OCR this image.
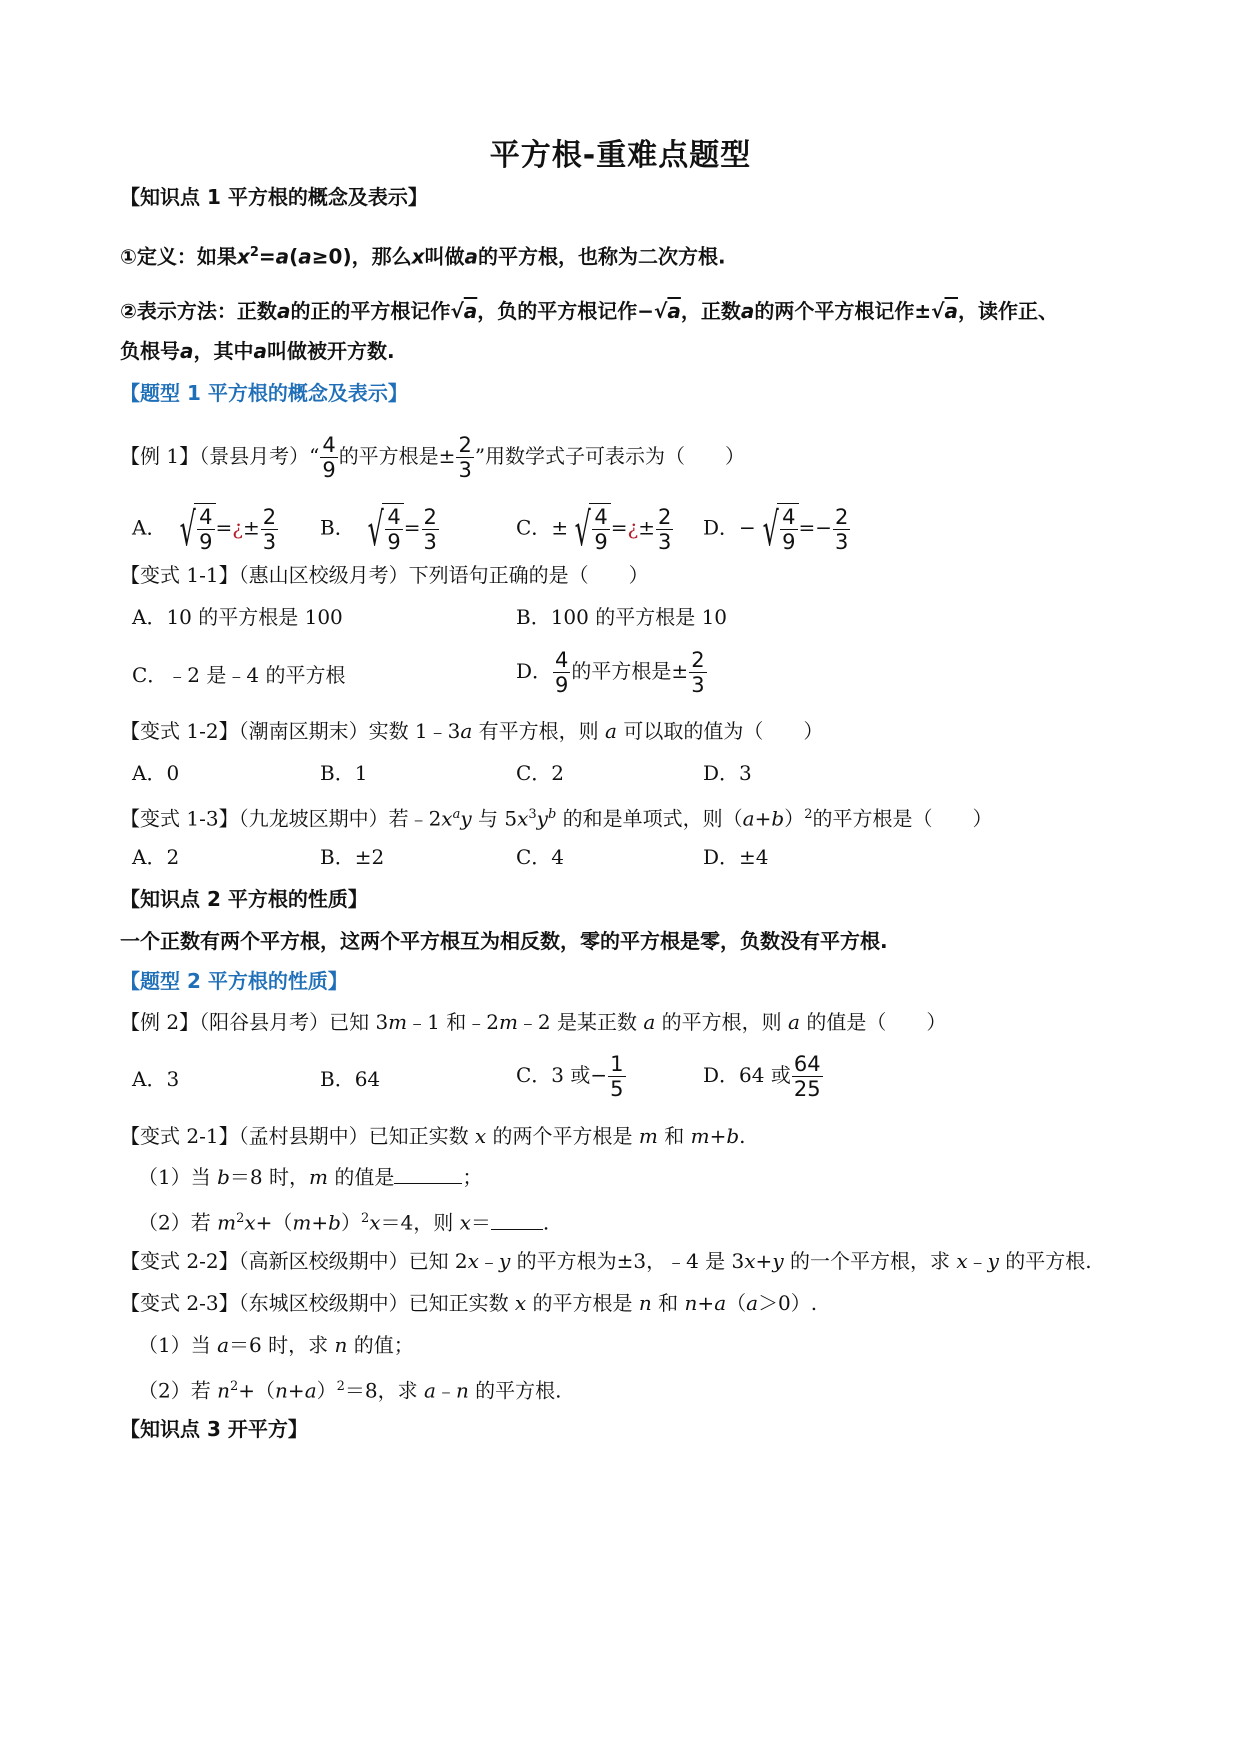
平方根-重难点题型
【知识点 1 平方根的概念及表示】
①定义：如果$x^2=a(a\ge 0)$，那么x叫做a的平方根，也称为二次方根.
②表示方法：正数a的正的平方根记作√a，负的平方根记作−√a，正数a的两个平方根记作±√a，读作正、
负根号a，其中a叫做被开方数.
【题型 1 平方根的概念及表示】
【例 1】（景县月考）“ $\frac{4}{9}$ 的平方根是± $\frac{2}{3}$ ”用数学式子可表示为（　　）
A． √ $\frac{4}{9}$ =¿± $\frac{2}{3}$ B． √ $\frac{4}{9} = \frac{2}{3}$	C．± √ $\frac{4}{9}$ =¿± $\frac{2}{3}$ D．− √ $\frac{4}{9} =- \frac{2}{3}$
【变式 1-1】（惠山区校级月考）下列语句正确的是（　　）
A．10 的平方根是 100	B．100 的平方根是 10
C．﹣2 是﹣4 的平方根	D． $\frac{4}{9}$ 的平方根是± $\frac{2}{3}$
【变式 1-2】（潮南区期末）实数 1﹣3a 有平方根，则 a 可以取的值为（　　）
A．0	B．1	C．2	D．3
【变式 1-3】（九龙坡区期中）若$﹣2x^ay$ 与 $5x^3y^b$ 的和是单项式，则$(a+b)^2$的平方根是（　　）
A．2	B．±2	C．4	D．±4
【知识点 2 平方根的性质】
一个正数有两个平方根，这两个平方根互为相反数，零的平方根是零，负数没有平方根.
【题型 2 平方根的性质】
【例 2】（阳谷县月考）已知 3m﹣1 和﹣2m﹣2 是某正数 a 的平方根，则 a 的值是（　　）
A．3	B．64	C．3 或− $\frac{1}{5}$	D．64 或 $\frac{64}{25}$
【变式 2-1】（孟村县期中）已知正实数 x 的两个平方根是 m 和 m+b.
（1）当 b＝8 时，m 的值是	；
（2）若 $m^2x+(m+b)^2x=4$，则 x＝	.
【变式 2-2】（高新区校级期中）已知 2x﹣y 的平方根为±3，﹣4 是 3x+y 的一个平方根，求 x﹣y 的平方根.
【变式 2-3】（东城区校级期中）已知正实数 x 的平方根是 n 和 n+a（a＞0）.
（1）当 a＝6 时，求 n 的值；
（2）若 $n^2+(n+a)^2=8$，求 a﹣n 的平方根.
【知识点 3 开平方】
